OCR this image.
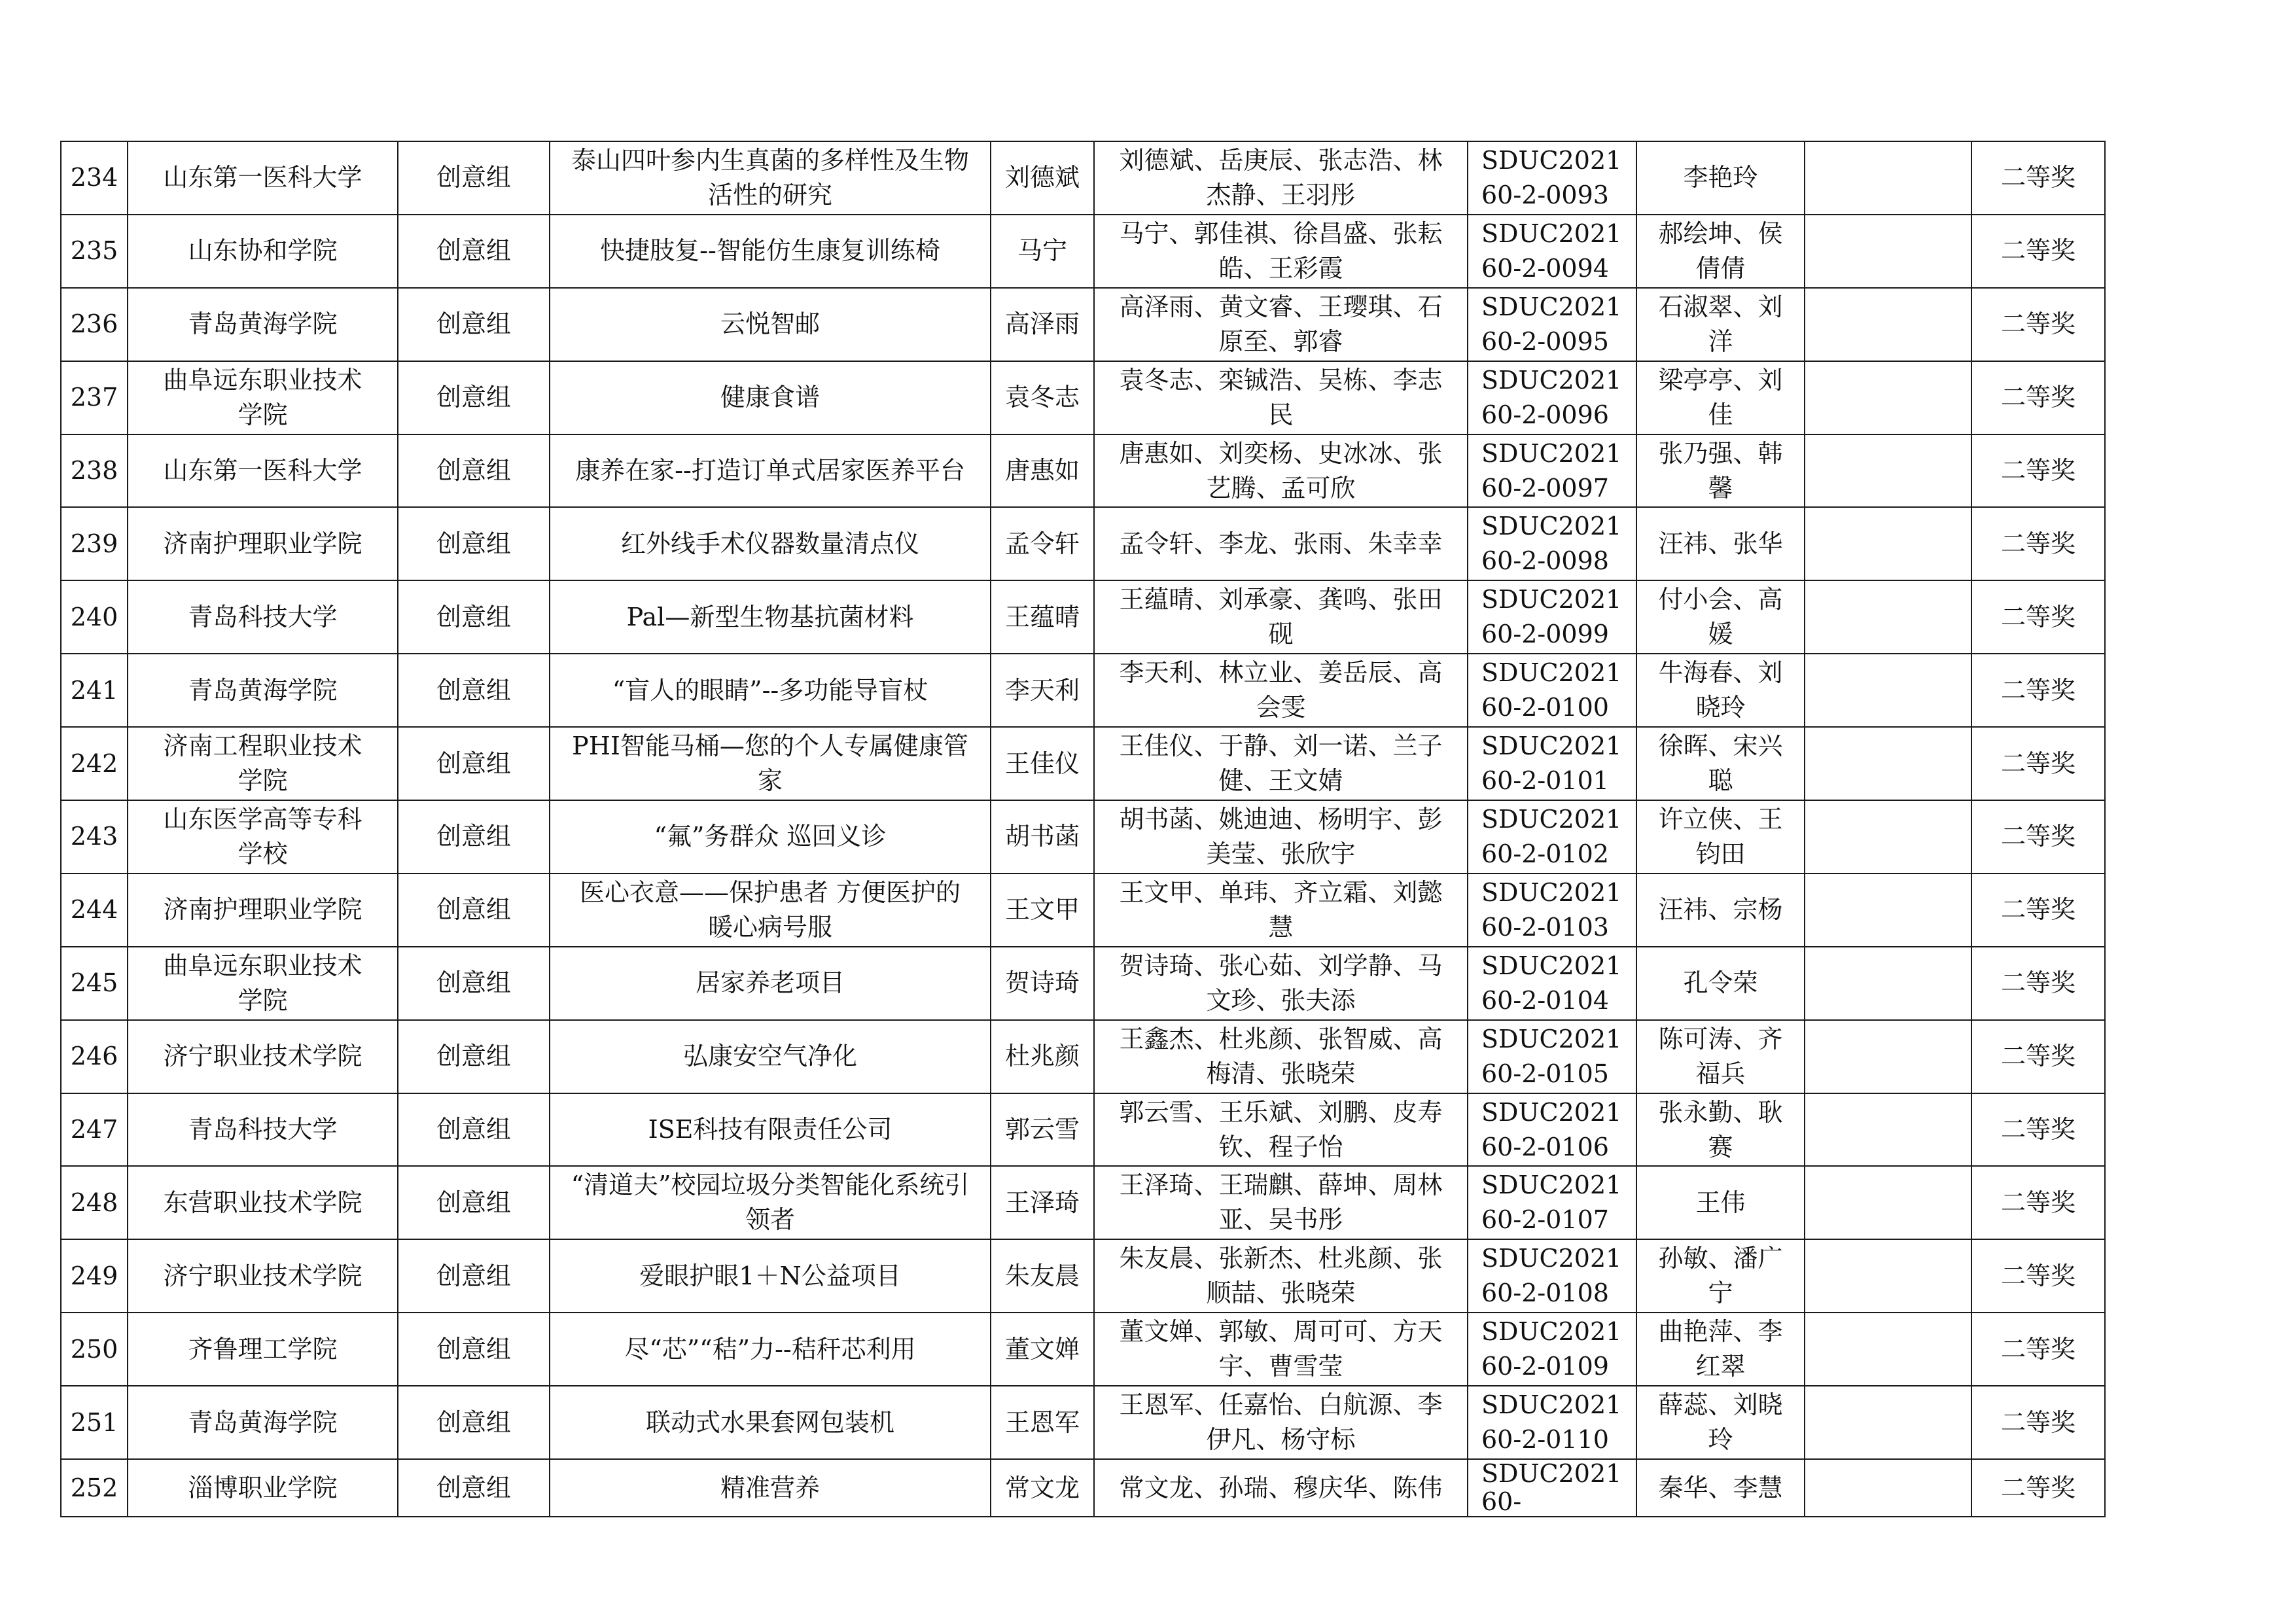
234	山东第一医科大学	创意组	泰山四叶参内生真菌的多样性及生物活性的研究	刘德斌	刘德斌、岳庚辰、张志浩、林杰静、王羽彤	SDUC202160-2-0093	李艳玲		二等奖
235	山东协和学院	创意组	快捷肢复--智能仿生康复训练椅	马宁	马宁、郭佳祺、徐昌盛、张耘皓、王彩霞	SDUC202160-2-0094	郝绘坤、侯倩倩		二等奖
236	青岛黄海学院	创意组	云悦智邮	高泽雨	高泽雨、黄文睿、王璎琪、石原至、郭睿	SDUC202160-2-0095	石淑翠、刘洋		二等奖
237	曲阜远东职业技术学院	创意组	健康食谱	袁冬志	袁冬志、栾铖浩、吴栋、李志民	SDUC202160-2-0096	梁亭亭、刘佳		二等奖
238	山东第一医科大学	创意组	康养在家--打造订单式居家医养平台	唐惠如	唐惠如、刘奕杨、史冰冰、张艺腾、孟可欣	SDUC202160-2-0097	张乃强、韩馨		二等奖
239	济南护理职业学院	创意组	红外线手术仪器数量清点仪	孟令轩	孟令轩、李龙、张雨、朱幸幸	SDUC202160-2-0098	汪祎、张华		二等奖
240	青岛科技大学	创意组	Pal—新型生物基抗菌材料	王蕴晴	王蕴晴、刘承豪、龚鸣、张田砚	SDUC202160-2-0099	付小会、高媛		二等奖
241	青岛黄海学院	创意组	“盲人的眼睛”--多功能导盲杖	李天利	李天利、林立业、姜岳辰、高会雯	SDUC202160-2-0100	牛海春、刘晓玲		二等奖
242	济南工程职业技术学院	创意组	PHI智能马桶—您的个人专属健康管家	王佳仪	王佳仪、于静、刘一诺、兰子健、王文婧	SDUC202160-2-0101	徐晖、宋兴聪		二等奖
243	山东医学高等专科学校	创意组	“氟”务群众 巡回义诊	胡书菡	胡书菡、姚迪迪、杨明宇、彭美莹、张欣宇	SDUC202160-2-0102	许立侠、王钧田		二等奖
244	济南护理职业学院	创意组	医心衣意——保护患者 方便医护的暖心病号服	王文甲	王文甲、单玮、齐立霜、刘懿慧	SDUC202160-2-0103	汪祎、宗杨		二等奖
245	曲阜远东职业技术学院	创意组	居家养老项目	贺诗琦	贺诗琦、张心茹、刘学静、马文珍、张夫添	SDUC202160-2-0104	孔令荣		二等奖
246	济宁职业技术学院	创意组	弘康安空气净化	杜兆颜	王鑫杰、杜兆颜、张智威、高梅清、张晓荣	SDUC202160-2-0105	陈可涛、齐福兵		二等奖
247	青岛科技大学	创意组	ISE科技有限责任公司	郭云雪	郭云雪、王乐斌、刘鹏、皮寿钦、程子怡	SDUC202160-2-0106	张永勤、耿赛		二等奖
248	东营职业技术学院	创意组	“清道夫”校园垃圾分类智能化系统引领者	王泽琦	王泽琦、王瑞麒、薛坤、周林亚、吴书彤	SDUC202160-2-0107	王伟		二等奖
249	济宁职业技术学院	创意组	爱眼护眼1＋N公益项目	朱友晨	朱友晨、张新杰、杜兆颜、张顺喆、张晓荣	SDUC202160-2-0108	孙敏、潘广宁		二等奖
250	齐鲁理工学院	创意组	尽“芯”“秸”力--秸秆芯利用	董文婵	董文婵、郭敏、周可可、方天宇、曹雪莹	SDUC202160-2-0109	曲艳萍、李红翠		二等奖
251	青岛黄海学院	创意组	联动式水果套网包装机	王恩军	王恩军、任嘉怡、白航源、李伊凡、杨守标	SDUC202160-2-0110	薛蕊、刘晓玲		二等奖
252	淄博职业学院	创意组	精准营养	常文龙	常文龙、孙瑞、穆庆华、陈伟	SDUC202160-	秦华、李慧		二等奖
